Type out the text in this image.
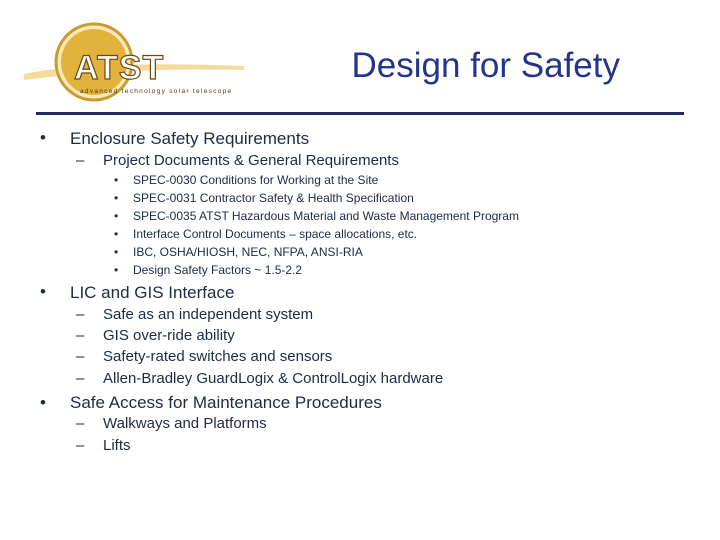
ATST
advanced technology solar telescope
Design for Safety
• Enclosure Safety Requirements
– Project Documents & General Requirements
• SPEC-0030 Conditions for Working at the Site
• SPEC-0031 Contractor Safety & Health Specification
• SPEC-0035 ATST Hazardous Material and Waste Management Program
• Interface Control Documents – space allocations, etc.
• IBC, OSHA/HIOSH, NEC, NFPA, ANSI-RIA
• Design Safety Factors ~ 1.5-2.2
• LIC and GIS Interface
– Safe as an independent system
– GIS over-ride ability
– Safety-rated switches and sensors
– Allen-Bradley GuardLogix & ControlLogix hardware
• Safe Access for Maintenance Procedures
– Walkways and Platforms
– Lifts
